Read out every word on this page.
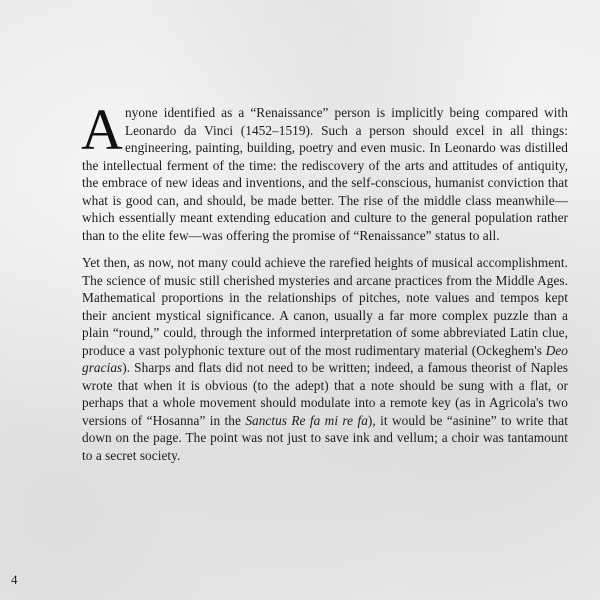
Anyone identified as a “Renaissance” person is implicitly being compared with Leonardo da Vinci (1452–1519). Such a person should excel in all things: engineering, painting, building, poetry and even music. In Leonardo was distilled the intellectual ferment of the time: the rediscovery of the arts and attitudes of antiquity, the embrace of new ideas and inventions, and the self-conscious, humanist conviction that what is good can, and should, be made better. The rise of the middle class meanwhile—which essentially meant extending education and culture to the general population rather than to the elite few—was offering the promise of “Renaissance” status to all.

Yet then, as now, not many could achieve the rarefied heights of musical accomplishment. The science of music still cherished mysteries and arcane practices from the Middle Ages. Mathematical proportions in the relationships of pitches, note values and tempos kept their ancient mystical significance. A canon, usually a far more complex puzzle than a plain “round,” could, through the informed interpretation of some abbreviated Latin clue, produce a vast polyphonic texture out of the most rudimentary material (Ockeghem's Deo gracias). Sharps and flats did not need to be written; indeed, a famous theorist of Naples wrote that when it is obvious (to the adept) that a note should be sung with a flat, or perhaps that a whole movement should modulate into a remote key (as in Agricola's two versions of “Hosanna” in the Sanctus Re fa mi re fa), it would be “asinine” to write that down on the page. The point was not just to save ink and vellum; a choir was tantamount to a secret society.

4
